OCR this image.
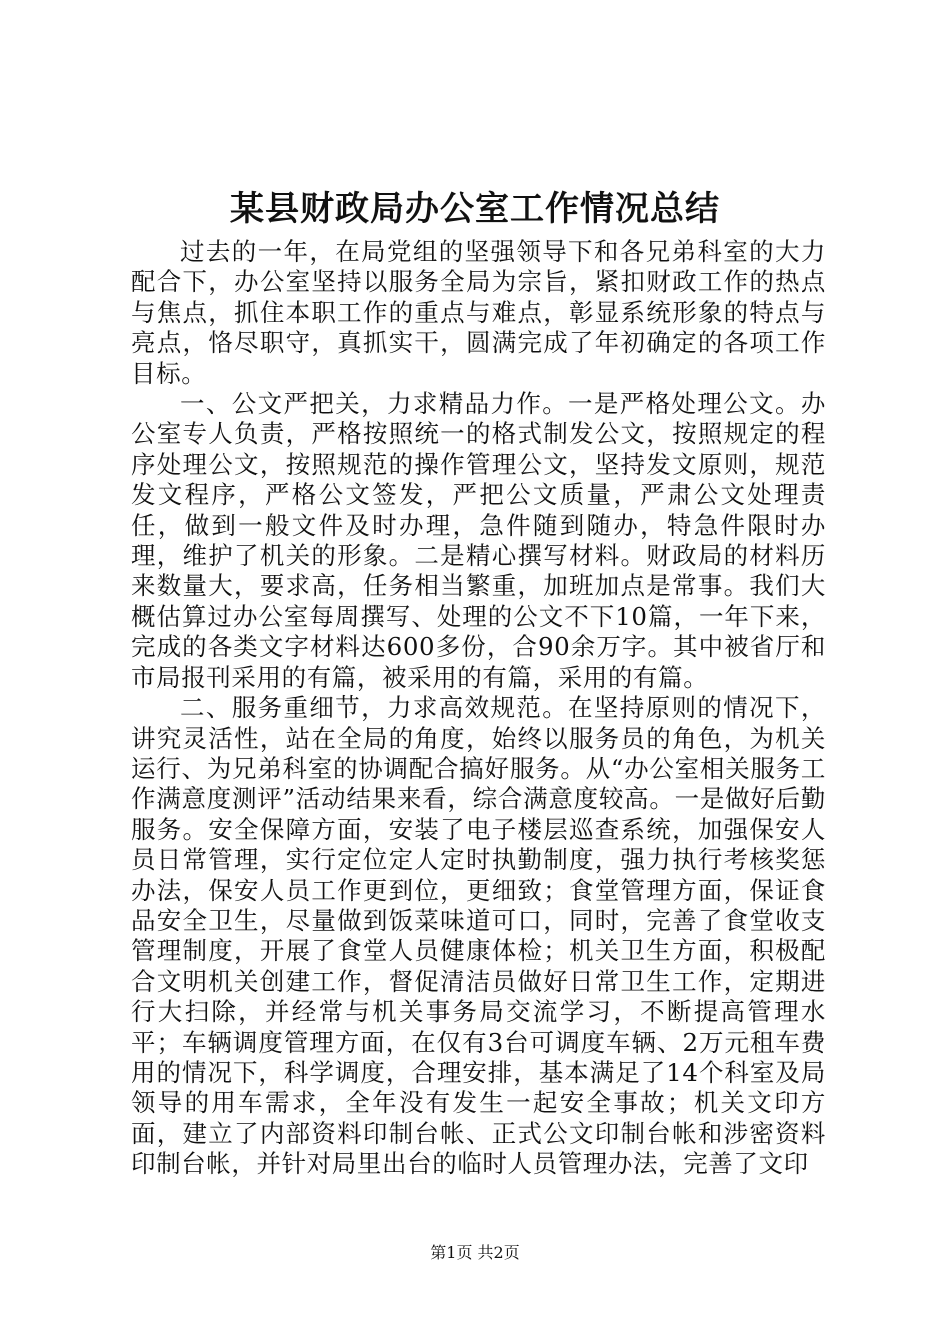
某县财政局办公室工作情况总结

过去的一年，在局党组的坚强领导下和各兄弟科室的大力配合下，办公室坚持以服务全局为宗旨，紧扣财政工作的热点与焦点，抓住本职工作的重点与难点，彰显系统形象的特点与亮点，恪尽职守，真抓实干，圆满完成了年初确定的各项工作目标。

一、公文严把关，力求精品力作。一是严格处理公文。办公室专人负责，严格按照统一的格式制发公文，按照规定的程序处理公文，按照规范的操作管理公文，坚持发文原则，规范发文程序，严格公文签发，严把公文质量，严肃公文处理责任，做到一般文件及时办理，急件随到随办，特急件限时办理，维护了机关的形象。二是精心撰写材料。财政局的材料历来数量大，要求高，任务相当繁重，加班加点是常事。我们大概估算过办公室每周撰写、处理的公文不下10篇，一年下来，完成的各类文字材料达600多份，合90余万字。其中被省厅和市局报刊采用的有篇，被采用的有篇，采用的有篇。

二、服务重细节，力求高效规范。在坚持原则的情况下，讲究灵活性，站在全局的角度，始终以服务员的角色，为机关运行、为兄弟科室的协调配合搞好服务。从“办公室相关服务工作满意度测评”活动结果来看，综合满意度较高。一是做好后勤服务。安全保障方面，安装了电子楼层巡查系统，加强保安人员日常管理，实行定位定人定时执勤制度，强力执行考核奖惩办法，保安人员工作更到位，更细致；食堂管理方面，保证食品安全卫生，尽量做到饭菜味道可口，同时，完善了食堂收支管理制度，开展了食堂人员健康体检；机关卫生方面，积极配合文明机关创建工作，督促清洁员做好日常卫生工作，定期进行大扫除，并经常与机关事务局交流学习，不断提高管理水平；车辆调度管理方面，在仅有3台可调度车辆、2万元租车费用的情况下，科学调度，合理安排，基本满足了14个科室及局领导的用车需求，全年没有发生一起安全事故；机关文印方面，建立了内部资料印制台帐、正式公文印制台帐和涉密资料印制台帐，并针对局里出台的临时人员管理办法，完善了文印

第1页 共2页
